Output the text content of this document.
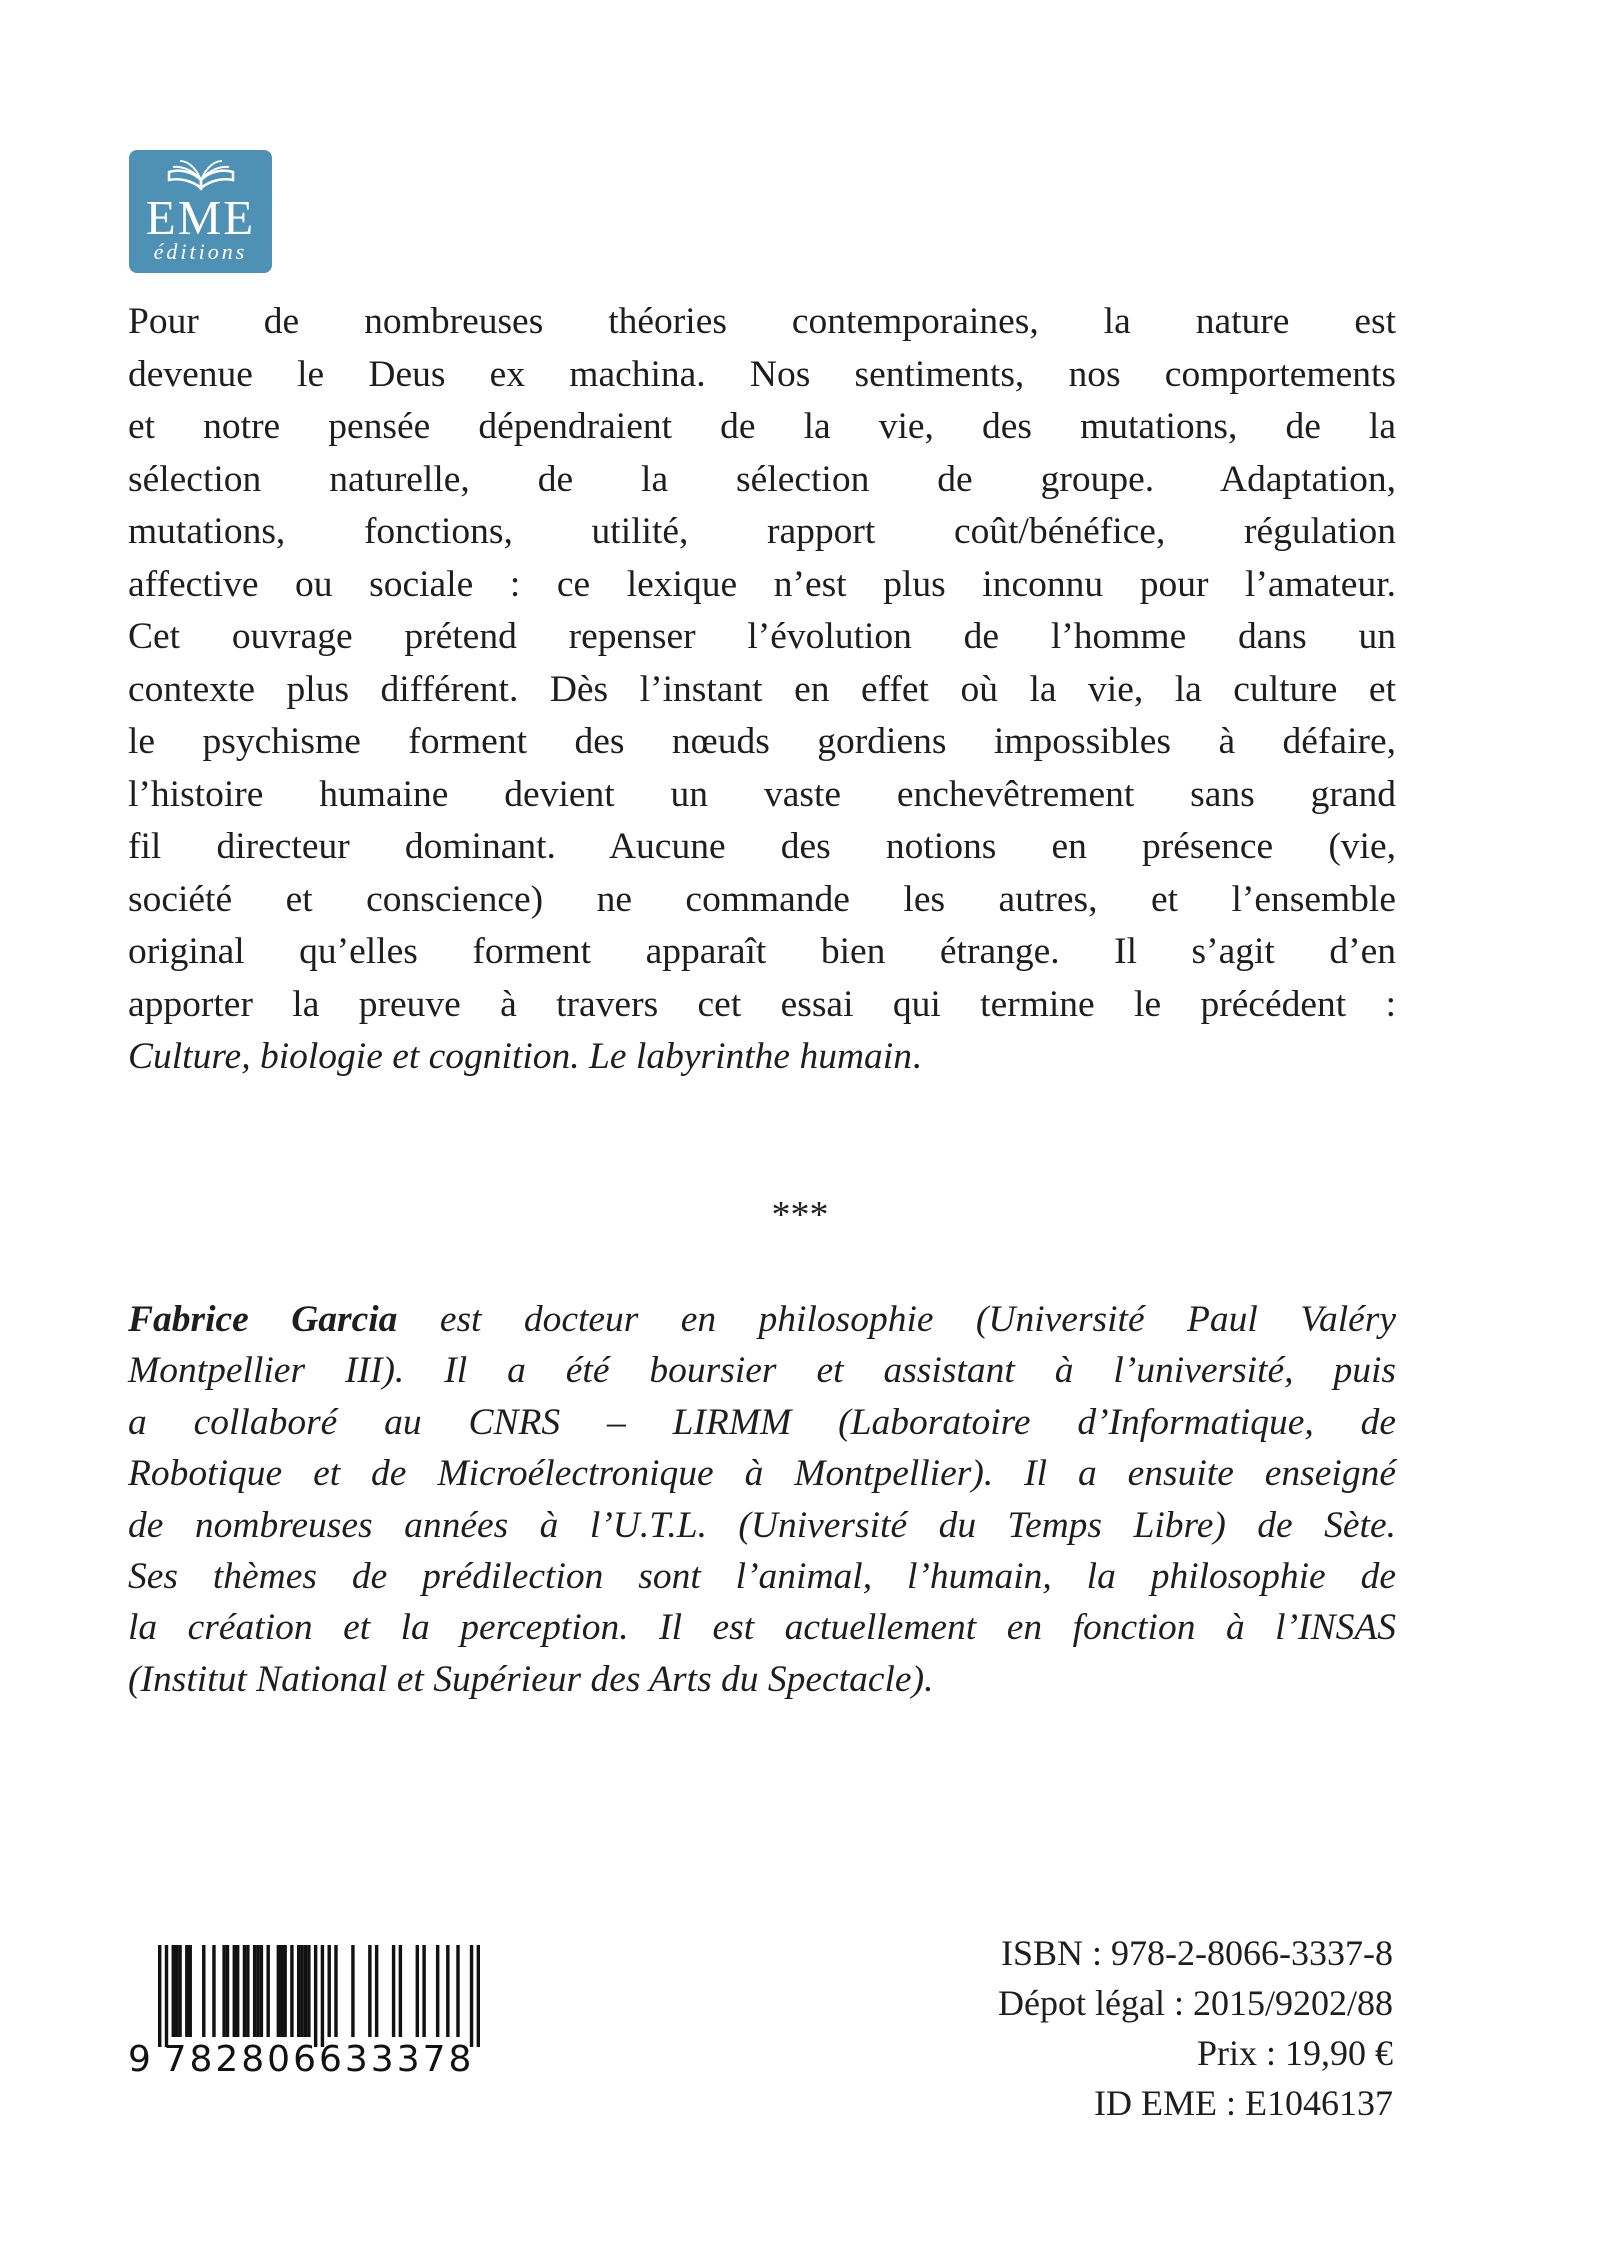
EME
éditions
Pour de nombreuses théories contemporaines, la nature est
devenue le Deus ex machina. Nos sentiments, nos comportements
et notre pensée dépendraient de la vie, des mutations, de la
sélection naturelle, de la sélection de groupe. Adaptation,
mutations, fonctions, utilité, rapport coût/bénéfice, régulation
affective ou sociale : ce lexique n’est plus inconnu pour l’amateur.
Cet ouvrage prétend repenser l’évolution de l’homme dans un
contexte plus différent. Dès l’instant en effet où la vie, la culture et
le psychisme forment des nœuds gordiens impossibles à défaire,
l’histoire humaine devient un vaste enchevêtrement sans grand
fil directeur dominant. Aucune des notions en présence (vie,
société et conscience) ne commande les autres, et l’ensemble
original qu’elles forment apparaît bien étrange. Il s’agit d’en
apporter la preuve à travers cet essai qui termine le précédent :
Culture, biologie et cognition. Le labyrinthe humain.
***
Fabrice Garcia est docteur en philosophie (Université Paul Valéry
Montpellier III). Il a été boursier et assistant à l’université, puis
a collaboré au CNRS – LIRMM (Laboratoire d’Informatique, de
Robotique et de Microélectronique à Montpellier). Il a ensuite enseigné
de nombreuses années à l’U.T.L. (Université du Temps Libre) de Sète.
Ses thèmes de prédilection sont l’animal, l’humain, la philosophie de
la création et la perception. Il est actuellement en fonction à l’INSAS
(Institut National et Supérieur des Arts du Spectacle).
9 782806633378
ISBN : 978-2-8066-3337-8
Dépot légal : 2015/9202/88
Prix : 19,90 €
ID EME : E1046137
